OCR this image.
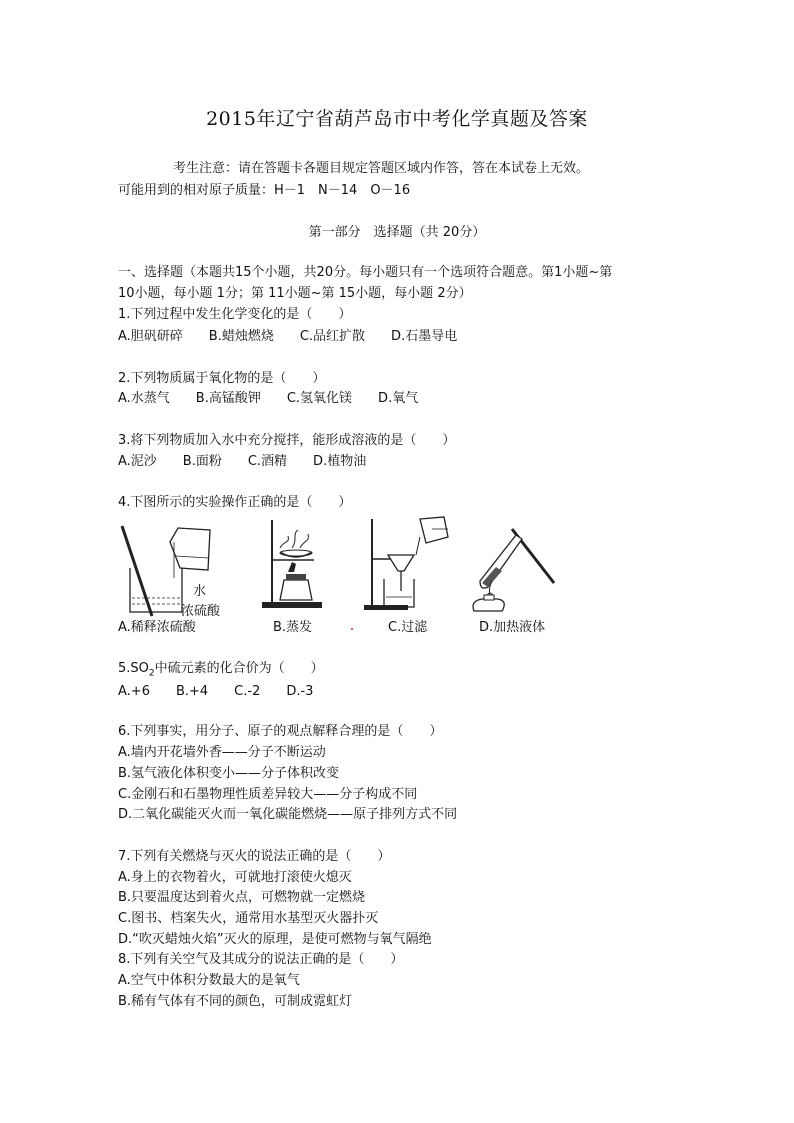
2015年辽宁省葫芦岛市中考化学真题及答案
考生注意：请在答题卡各题目规定答题区域内作答，答在本试卷上无效。
可能用到的相对原子质量：H－1　N－14　O－16
第一部分　选择题（共 20分）
一、选择题（本题共15个小题，共20分。每小题只有一个选项符合题意。第1小题~第
10小题，每小题 1分；第 11小题~第 15小题，每小题 2分）
1.下列过程中发生化学变化的是（　　）
A.胆矾研碎　　B.蜡烛燃烧　　C.品红扩散　　D.石墨导电
2.下列物质属于氧化物的是（　　）
A.水蒸气　　B.高锰酸钾　　C.氢氧化镁　　D.氧气
3.将下列物质加入水中充分搅拌，能形成溶液的是（　　）
A.泥沙　　B.面粉　　C.酒精　　D.植物油
4.下图所示的实验操作正确的是（　　）
水
浓硫酸
A.稀释浓硫酸	B.蒸发	C.过滤	D.加热液体
$5.SO_2$中硫元素的化合价为（　　）
A.+6　　B.+4　　C.-2　　D.-3
6.下列事实，用分子、原子的观点解释合理的是（　　）
A.墙内开花墙外香——分子不断运动
B.氢气液化体积变小——分子体积改变
C.金刚石和石墨物理性质差异较大——分子构成不同
D.二氧化碳能灭火而一氧化碳能燃烧——原子排列方式不同
7.下列有关燃烧与灭火的说法正确的是（　　）
A.身上的衣物着火，可就地打滚使火熄灭
B.只要温度达到着火点，可燃物就一定燃烧
C.图书、档案失火，通常用水基型灭火器扑灭
D.“吹灭蜡烛火焰”灭火的原理，是使可燃物与氧气隔绝
8.下列有关空气及其成分的说法正确的是（　　）
A.空气中体积分数最大的是氧气
B.稀有气体有不同的颜色，可制成霓虹灯
